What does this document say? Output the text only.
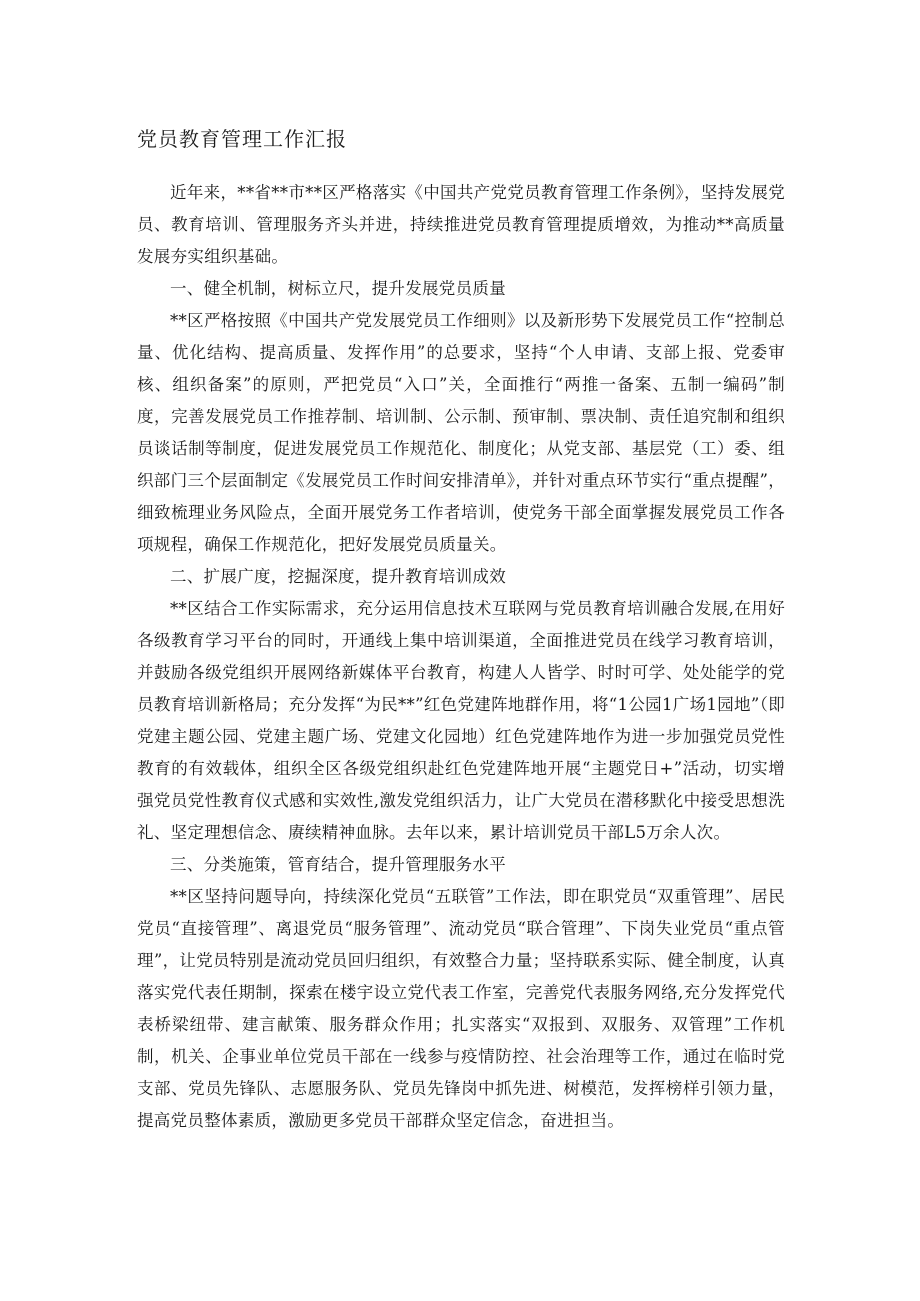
党员教育管理工作汇报

近年来，**省**市**区严格落实《中国共产党党员教育管理工作条例》，坚持发展党员、教育培训、管理服务齐头并进，持续推进党员教育管理提质增效，为推动**高质量发展夯实组织基础。

一、健全机制，树标立尺，提升发展党员质量

**区严格按照《中国共产党发展党员工作细则》以及新形势下发展党员工作“控制总量、优化结构、提高质量、发挥作用”的总要求，坚持“个人申请、支部上报、党委审核、组织备案”的原则，严把党员“入口”关，全面推行“两推一备案、五制一编码”制度，完善发展党员工作推荐制、培训制、公示制、预审制、票决制、责任追究制和组织员谈话制等制度，促进发展党员工作规范化、制度化；从党支部、基层党（工）委、组织部门三个层面制定《发展党员工作时间安排清单》，并针对重点环节实行“重点提醒”，细致梳理业务风险点，全面开展党务工作者培训，使党务干部全面掌握发展党员工作各项规程，确保工作规范化，把好发展党员质量关。

二、扩展广度，挖掘深度，提升教育培训成效

**区结合工作实际需求，充分运用信息技术互联网与党员教育培训融合发展,在用好各级教育学习平台的同时，开通线上集中培训渠道，全面推进党员在线学习教育培训，并鼓励各级党组织开展网络新媒体平台教育，构建人人皆学、时时可学、处处能学的党员教育培训新格局；充分发挥“为民**”红色党建阵地群作用，将“1公园1广场1园地”（即党建主题公园、党建主题广场、党建文化园地）红色党建阵地作为进一步加强党员党性教育的有效载体，组织全区各级党组织赴红色党建阵地开展“主题党日+”活动，切实增强党员党性教育仪式感和实效性,激发党组织活力，让广大党员在潜移默化中接受思想洗礼、坚定理想信念、赓续精神血脉。去年以来，累计培训党员干部L5万余人次。

三、分类施策，管育结合，提升管理服务水平

**区坚持问题导向，持续深化党员“五联管”工作法，即在职党员“双重管理”、居民党员“直接管理”、离退党员“服务管理”、流动党员“联合管理”、下岗失业党员“重点管理”，让党员特别是流动党员回归组织，有效整合力量；坚持联系实际、健全制度，认真落实党代表任期制，探索在楼宇设立党代表工作室，完善党代表服务网络,充分发挥党代表桥梁纽带、建言献策、服务群众作用；扎实落实“双报到、双服务、双管理”工作机制，机关、企事业单位党员干部在一线参与疫情防控、社会治理等工作，通过在临时党支部、党员先锋队、志愿服务队、党员先锋岗中抓先进、树模范，发挥榜样引领力量，提高党员整体素质，激励更多党员干部群众坚定信念，奋进担当。
